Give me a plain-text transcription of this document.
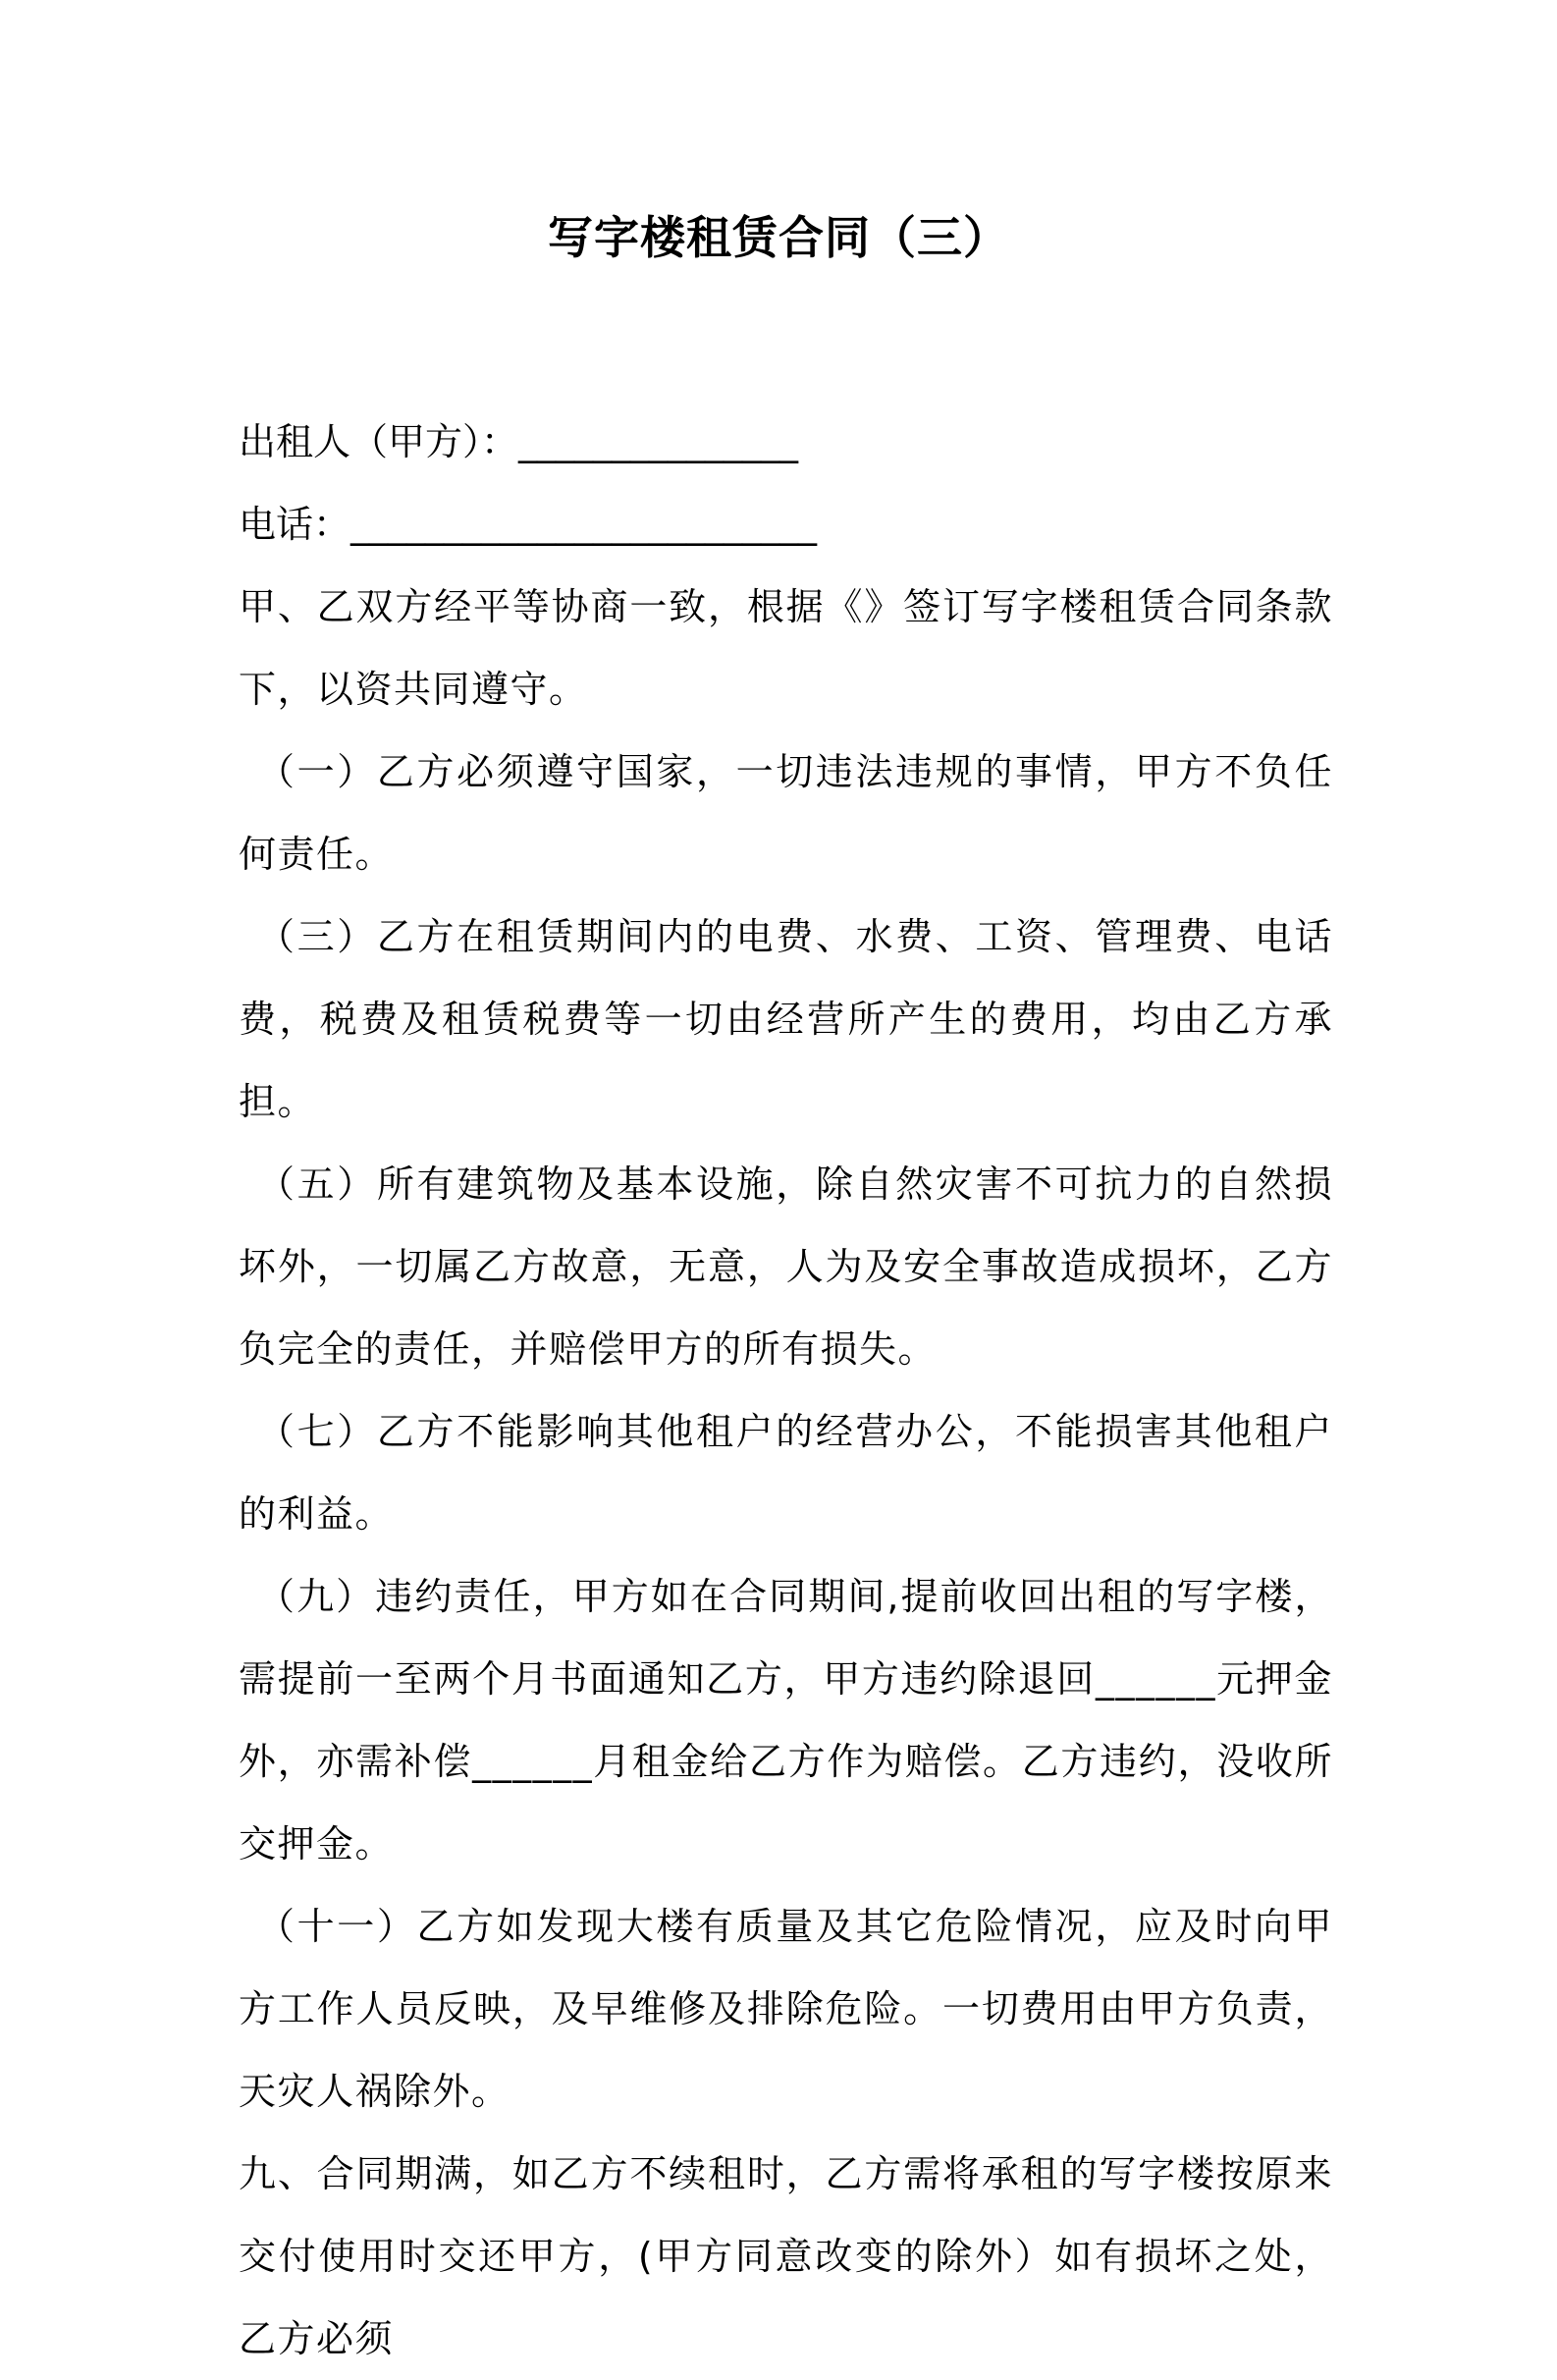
写字楼租赁合同（三）
出租人（甲方）：_______________
电话：_________________________

甲、乙双方经平等协商一致，根据《》签订写字楼租赁合同条款下，以资共同遵守。

（一）乙方必须遵守国家，一切违法违规的事情，甲方不负任何责任。

（三）乙方在租赁期间内的电费、水费、工资、管理费、电话费，税费及租赁税费等一切由经营所产生的费用，均由乙方承担。

（五）所有建筑物及基本设施，除自然灾害不可抗力的自然损坏外，一切属乙方故意，无意，人为及安全事故造成损坏，乙方负完全的责任，并赔偿甲方的所有损失。

（七）乙方不能影响其他租户的经营办公，不能损害其他租户的利益。

（九）违约责任，甲方如在合同期间,提前收回出租的写字楼，需提前一至两个月书面通知乙方，甲方违约除退回______元押金外，亦需补偿______月租金给乙方作为赔偿。乙方违约，没收所交押金。

（十一）乙方如发现大楼有质量及其它危险情况，应及时向甲方工作人员反映，及早维修及排除危险。一切费用由甲方负责，天灾人祸除外。

九、合同期满，如乙方不续租时，乙方需将承租的写字楼按原来交付使用时交还甲方，(甲方同意改变的除外）如有损坏之处，乙方必须
